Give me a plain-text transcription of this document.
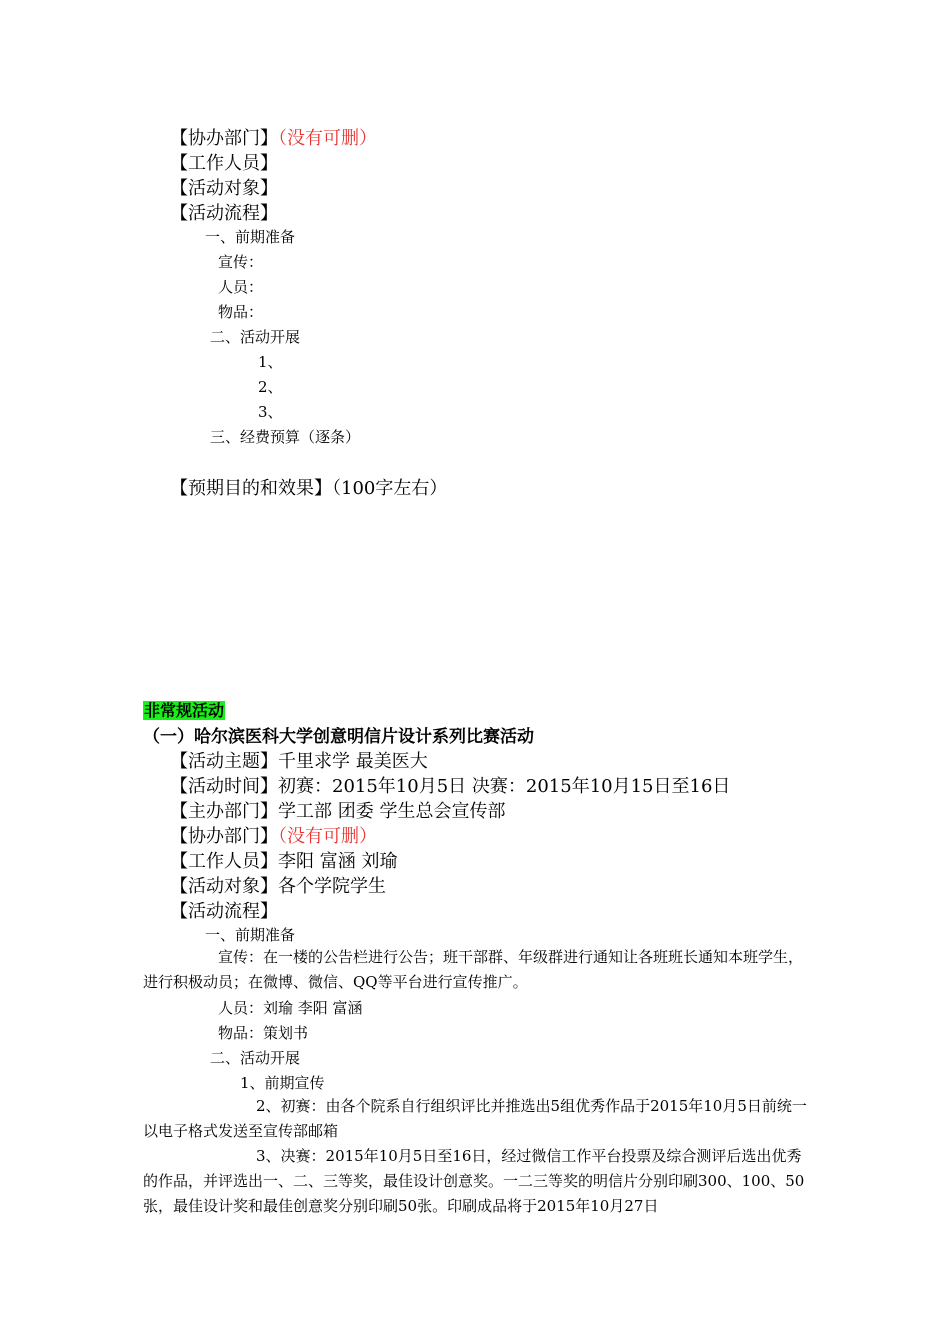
【协办部门】（没有可删）
【工作人员】
【活动对象】
【活动流程】
一、前期准备
宣传：
人员：
物品：
二、活动开展
1、
2、
3、
三、经费预算（逐条）
【预期目的和效果】（100字左右）
非常规活动
（一）哈尔滨医科大学创意明信片设计系列比赛活动
【活动主题】千里求学 最美医大
【活动时间】初赛：2015年10月5日 决赛：2015年10月15日至16日
【主办部门】学工部 团委 学生总会宣传部
【协办部门】（没有可删）
【工作人员】李阳 富涵 刘瑜
【活动对象】各个学院学生
【活动流程】
一、前期准备
宣传：在一楼的公告栏进行公告；班干部群、年级群进行通知让各班班长通知本班学生，进行积极动员；在微博、微信、QQ等平台进行宣传推广。
人员：刘瑜 李阳 富涵
物品：策划书
二、活动开展
1、前期宣传
2、初赛：由各个院系自行组织评比并推选出5组优秀作品于2015年10月5日前统一以电子格式发送至宣传部邮箱
3、决赛：2015年10月5日至16日，经过微信工作平台投票及综合测评后选出优秀的作品，并评选出一、二、三等奖，最佳设计创意奖。一二三等奖的明信片分别印刷300、100、50张，最佳设计奖和最佳创意奖分别印刷50张。印刷成品将于2015年10月27日
